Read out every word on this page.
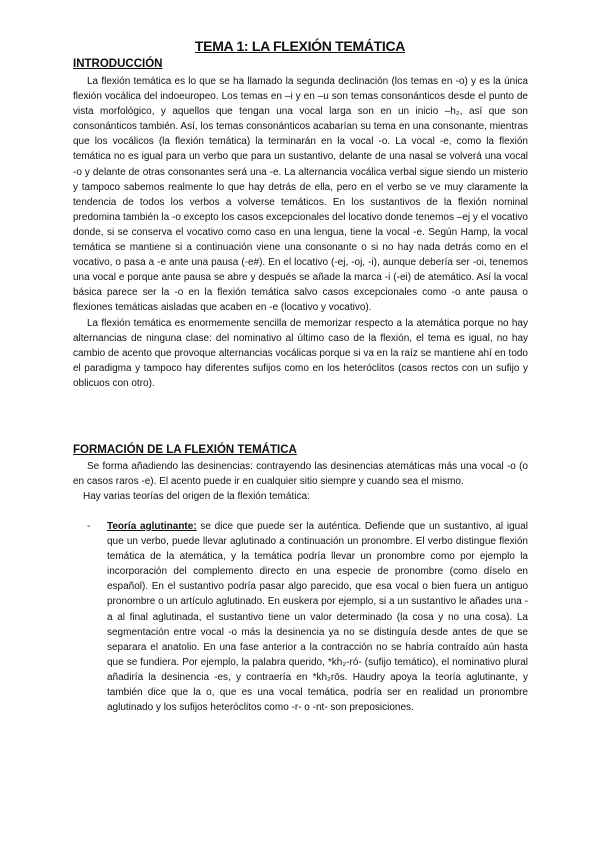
TEMA 1: LA FLEXIÓN TEMÁTICA
INTRODUCCIÓN

La flexión temática es lo que se ha llamado la segunda declinación (los temas en -o) y es la única flexión vocálica del indoeuropeo. Los temas en –i y en –u son temas consonánticos desde el punto de vista morfológico, y aquellos que tengan una vocal larga son en un inicio –h₂, así que son consonánticos también. Así, los temas consonánticos acabarían su tema en una consonante, mientras que los vocálicos (la flexión temática) la terminarán en la vocal -o. La vocal -e, como la flexión temática no es igual para un verbo que para un sustantivo, delante de una nasal se volverá una vocal -o y delante de otras consonantes será una -e. La alternancia vocálica verbal sigue siendo un misterio y tampoco sabemos realmente lo que hay detrás de ella, pero en el verbo se ve muy claramente la tendencia de todos los verbos a volverse temáticos. En los sustantivos de la flexión nominal predomina también la -o excepto los casos excepcionales del locativo donde tenemos –ej y el vocativo donde, si se conserva el vocativo como caso en una lengua, tiene la vocal -e. Según Hamp, la vocal temática se mantiene si a continuación viene una consonante o si no hay nada detrás como en el vocativo, o pasa a -e ante una pausa (-e#). En el locativo (-ej, -oj, -i), aunque debería ser -oi, tenemos una vocal e porque ante pausa se abre y después se añade la marca -i (-ei) de atemático. Así la vocal básica parece ser la -o en la flexión temática salvo casos excepcionales como -o ante pausa o flexiones temáticas aisladas que acaben en -e (locativo y vocativo).

La flexión temática es enormemente sencilla de memorizar respecto a la atemática porque no hay alternancias de ninguna clase: del nominativo al último caso de la flexión, el tema es igual, no hay cambio de acento que provoque alternancias vocálicas porque si va en la raíz se mantiene ahí en todo el paradigma y tampoco hay diferentes sufijos como en los heteróclitos (casos rectos con un sufijo y oblicuos con otro).

FORMACIÓN DE LA FLEXIÓN TEMÁTICA

Se forma añadiendo las desinencias: contrayendo las desinencias atemáticas más una vocal -o (o en casos raros -e). El acento puede ir en cualquier sitio siempre y cuando sea el mismo.

Hay varias teorías del origen de la flexión temática:

- Teoría aglutinante: se dice que puede ser la auténtica. Defiende que un sustantivo, al igual que un verbo, puede llevar aglutinado a continuación un pronombre. El verbo distingue flexión temática de la atemática, y la temática podría llevar un pronombre como por ejemplo la incorporación del complemento directo en una especie de pronombre (como díselo en español). En el sustantivo podría pasar algo parecido, que esa vocal o bien fuera un antiguo pronombre o un artículo aglutinado. En euskera por ejemplo, si a un sustantivo le añades una -a al final aglutinada, el sustantivo tiene un valor determinado (la cosa y no una cosa). La segmentación entre vocal -o más la desinencia ya no se distinguía desde antes de que se separara el anatolio. En una fase anterior a la contracción no se habría contraído aún hasta que se fundiera. Por ejemplo, la palabra querido, *kh₂-ró- (sufijo temático), el nominativo plural añadiría la desinencia -es, y contraería en *kh₂rōs. Haudry apoya la teoría aglutinante, y también dice que la o, que es una vocal temática, podría ser en realidad un pronombre aglutinado y los sufijos heteróclitos como -r- o -nt- son preposiciones.
